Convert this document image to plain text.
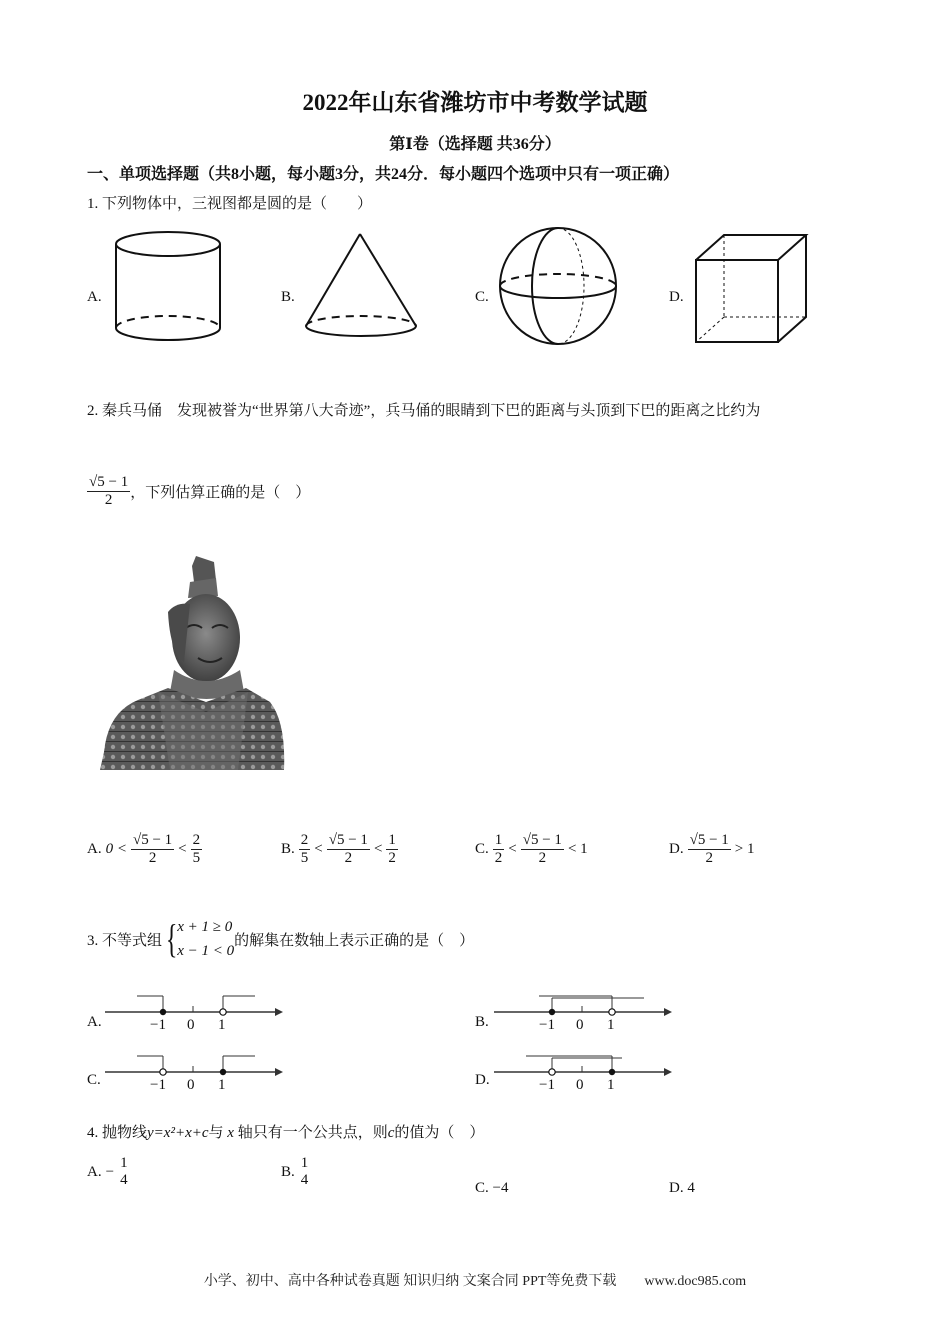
2022年山东省潍坊市中考数学试题
第Ⅰ卷（选择题 共36分）
一、单项选择题（共8小题，每小题3分，共24分．每小题四个选项中只有一项正确）
1. 下列物体中，三视图都是圆的是（　　）
A.	B.	C.	D.
2. 秦兵马俑　发现被誉为“世界第八大奇迹”，兵马俑的眼睛到下巴的距离与头顶到下巴的距离之比约为
$\frac{√5 - 1}{2}$ ，下列估算正确的是（　）
A. $0 < \frac{√5 - 1}{2} < \frac{2}{5}$	B. $\frac{2}{5} < \frac{√5 - 1}{2} < \frac{1}{2}$	C. $\frac{1}{2} < \frac{√5 - 1}{2} < 1$	D. $\frac{√5 - 1}{2} > 1$
3. 不等式组 { x + 1 ≥ 0
x − 1 < 0
的解集在数轴上表示正确的是（　）
A.	−1 0 1	B.	−1 0 1
C.	−1 0 1	D.	−1 0 1
4. 抛物线y=x²+x+c与 x 轴只有一个公共点，则c的值为（　）
A. −
1
4
B.
1
4	C. −4	D. 4
小学、初中、高中各种试卷真题 知识归纳 文案合同 PPT等免费下载　　www.doc985.com
